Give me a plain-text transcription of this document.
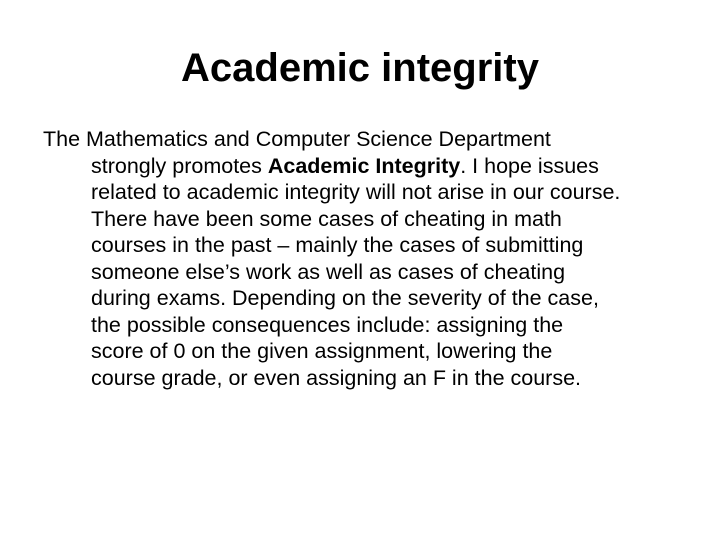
Academic integrity
The Mathematics and Computer Science Department
strongly promotes Academic Integrity. I hope issues
related to academic integrity will not arise in our course.
There have been some cases of cheating in math
courses in the past – mainly the cases of submitting
someone else’s work as well as cases of cheating
during exams. Depending on the severity of the case,
the possible consequences include: assigning the
score of 0 on the given assignment, lowering the
course grade, or even assigning an F in the course.
